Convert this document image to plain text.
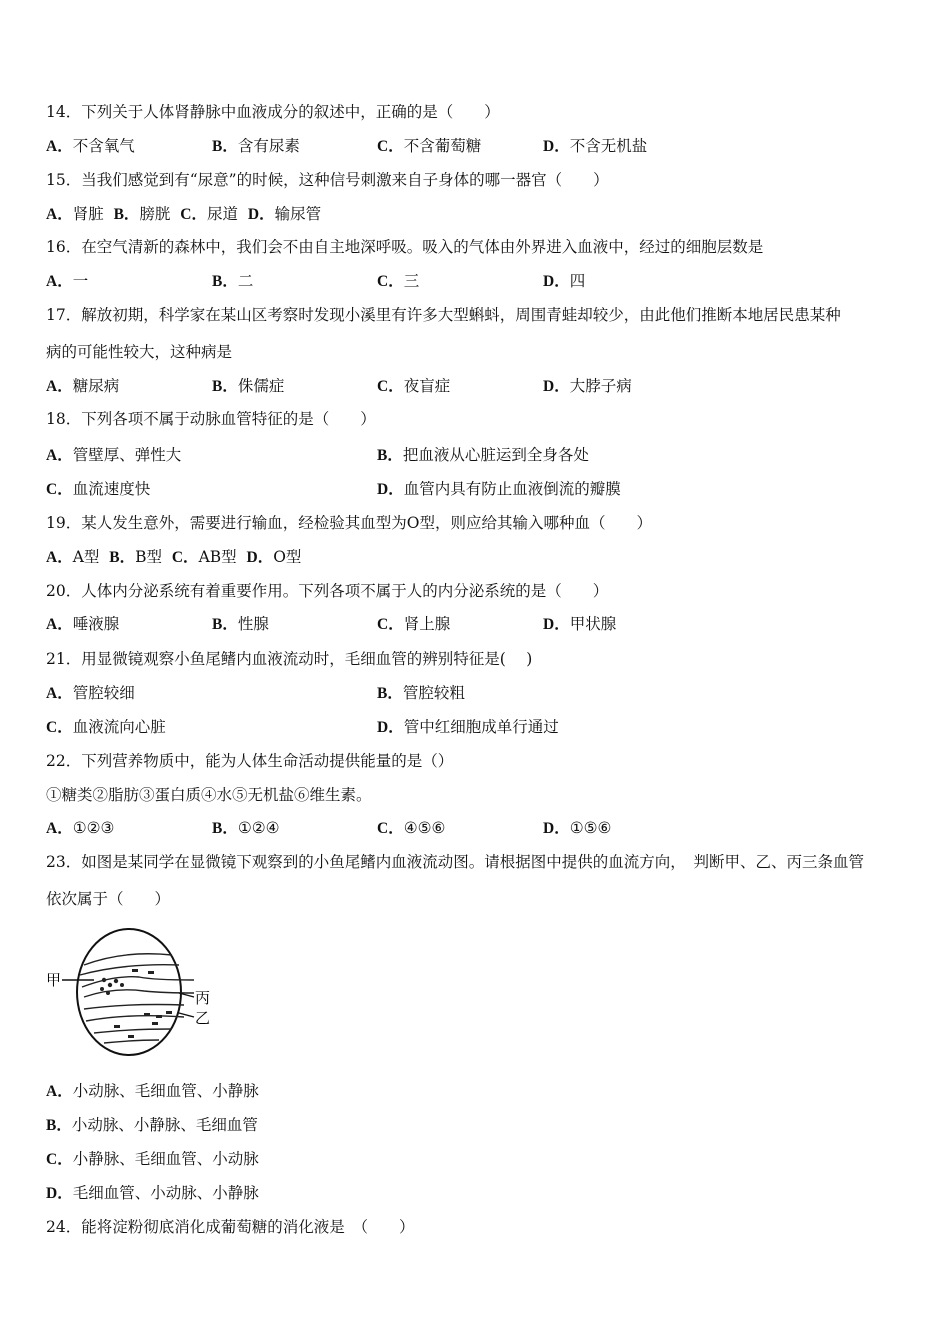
14．下列关于人体肾静脉中血液成分的叙述中，正确的是（　　）
A．不含氧气	B．含有尿素	C．不含葡萄糖	D．不含无机盐
15．当我们感觉到有“尿意”的时候，这种信号刺激来自子身体的哪一器官（　　）
A．肾脏 B．膀胱 C．尿道 D．输尿管
16．在空气清新的森林中，我们会不由自主地深呼吸。吸入的气体由外界进入血液中，经过的细胞层数是
A．一	B．二	C．三	D．四
17．解放初期，科学家在某山区考察时发现小溪里有许多大型蝌蚪，周围青蛙却较少，由此他们推断本地居民患某种
病的可能性较大，这种病是
A．糖尿病	B．侏儒症	C．夜盲症	D．大脖子病
18．下列各项不属于动脉血管特征的是（　　）
A．管壁厚、弹性大	B．把血液从心脏运到全身各处
C．血流速度快	D．血管内具有防止血液倒流的瓣膜
19．某人发生意外，需要进行输血，经检验其血型为O型，则应给其输入哪种血（　　）
A．A型 B．B型 C．AB型 D．O型
20．人体内分泌系统有着重要作用。下列各项不属于人的内分泌系统的是（　　）
A．唾液腺	B．性腺	C．肾上腺	D．甲状腺
21．用显微镜观察小鱼尾鳍内血液流动时，毛细血管的辨别特征是(　 )
A．管腔较细	B．管腔较粗
C．血液流向心脏	D．管中红细胞成单行通过
22．下列营养物质中，能为人体生命活动提供能量的是（）
①糖类②脂肪③蛋白质④水⑤无机盐⑥维生素。
A．①②③	B．①②④	C．④⑤⑥	D．①⑤⑥
23．如图是某同学在显微镜下观察到的小鱼尾鳍内血液流动图。请根据图中提供的血流方向，　判断甲、乙、丙三条血管
依次属于（　　）
甲
丙
乙
A．小动脉、毛细血管、小静脉
B．小动脉、小静脉、毛细血管
C．小静脉、毛细血管、小动脉
D．毛细血管、小动脉、小静脉
24．能将淀粉彻底消化成葡萄糖的消化液是　（　　）
